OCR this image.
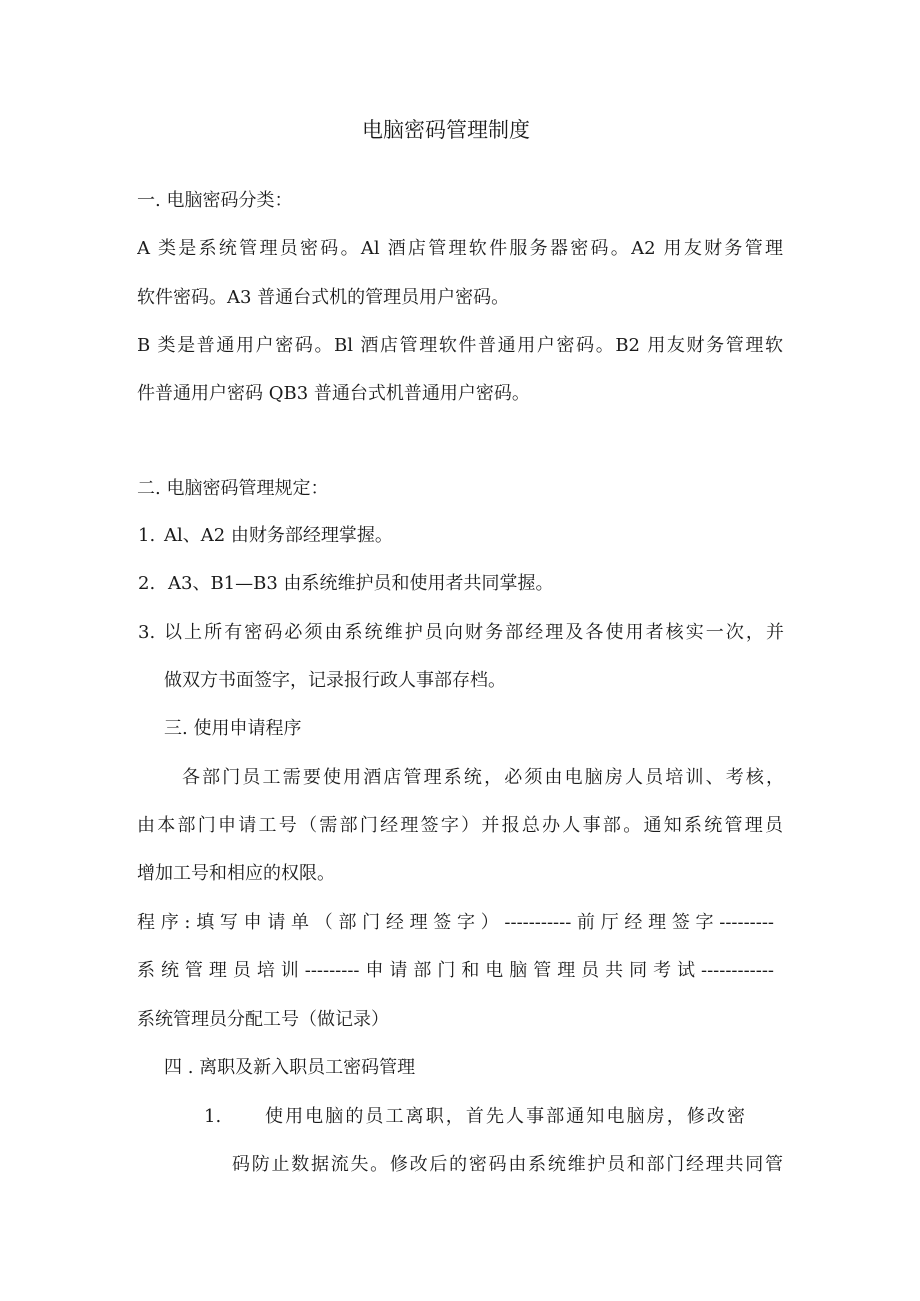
电脑密码管理制度

一. 电脑密码分类：

A 类是系统管理员密码。Al 酒店管理软件服务器密码。A2 用友财务管理

软件密码。A3 普通台式机的管理员用户密码。

B 类是普通用户密码。Bl 酒店管理软件普通用户密码。B2 用友财务管理软

件普通用户密码 QB3 普通台式机普通用户密码。

二. 电脑密码管理规定：

1. Al、A2 由财务部经理掌握。

2. A3、B1—B3 由系统维护员和使用者共同掌握。

3. 以上所有密码必须由系统维护员向财务部经理及各使用者核实一次，并

做双方书面签字，记录报行政人事部存档。

三. 使用申请程序

各部门员工需要使用酒店管理系统，必须由电脑房人员培训、考核，

由本部门申请工号（需部门经理签字）并报总办人事部。通知系统管理员

增加工号和相应的权限。

程序:填写申请单（部门经理签字）-----------前厅经理签字---------

系统管理员培训---------申请部门和电脑管理员共同考试------------

系统管理员分配工号（做记录）

四 . 离职及新入职员工密码管理

1. 使用电脑的员工离职，首先人事部通知电脑房，修改密

码防止数据流失。修改后的密码由系统维护员和部门经理共同管
